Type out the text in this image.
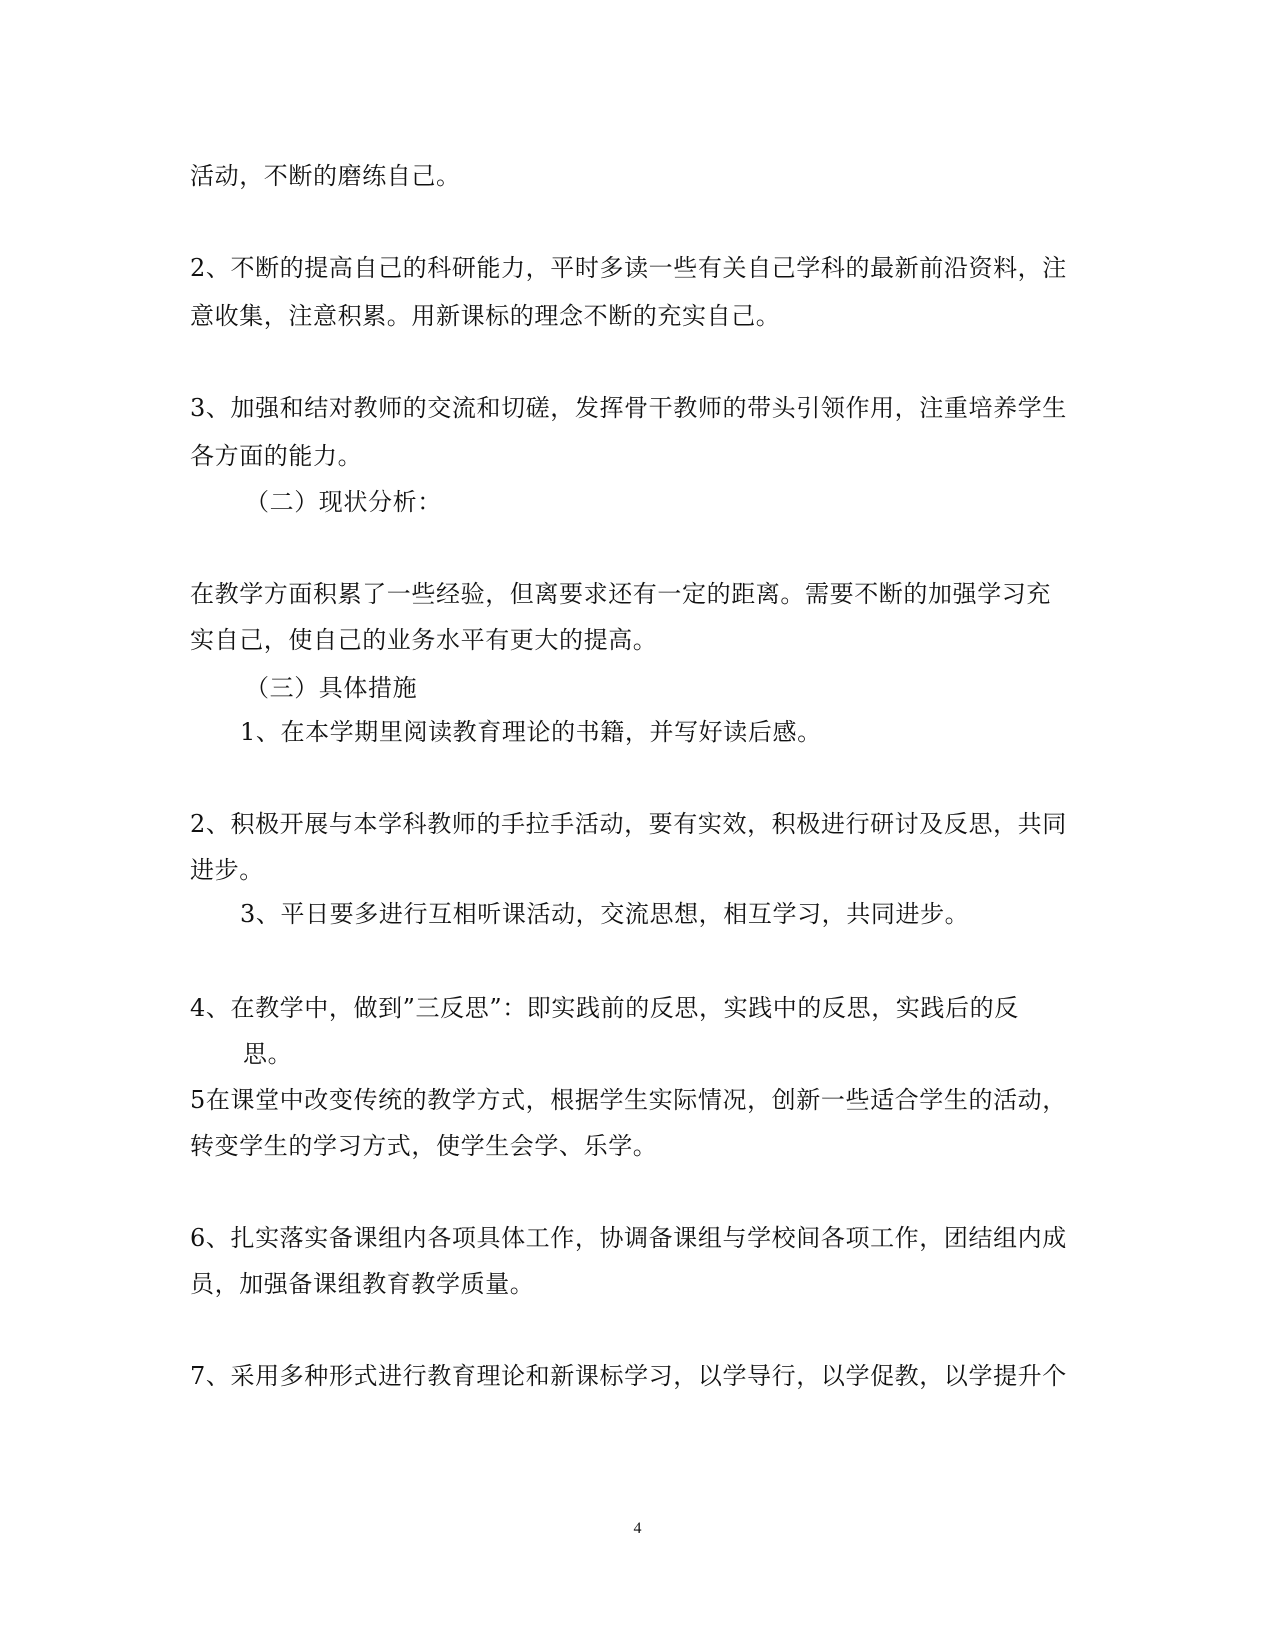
活动，不断的磨练自己。
2、不断的提高自己的科研能力，平时多读一些有关自己学科的最新前沿资料，注
意收集，注意积累。用新课标的理念不断的充实自己。
3、加强和结对教师的交流和切磋，发挥骨干教师的带头引领作用，注重培养学生
各方面的能力。
（二）现状分析：
在教学方面积累了一些经验，但离要求还有一定的距离。需要不断的加强学习充
实自己，使自己的业务水平有更大的提高。
（三）具体措施
1、在本学期里阅读教育理论的书籍，并写好读后感。
2、积极开展与本学科教师的手拉手活动，要有实效，积极进行研讨及反思，共同
进步。
3、平日要多进行互相听课活动，交流思想，相互学习，共同进步。
4、在教学中，做到”三反思”：即实践前的反思，实践中的反思，实践后的反
思。
5在课堂中改变传统的教学方式，根据学生实际情况，创新一些适合学生的活动，
转变学生的学习方式，使学生会学、乐学。
6、扎实落实备课组内各项具体工作，协调备课组与学校间各项工作，团结组内成
员，加强备课组教育教学质量。
7、采用多种形式进行教育理论和新课标学习，以学导行，以学促教，以学提升个
4
